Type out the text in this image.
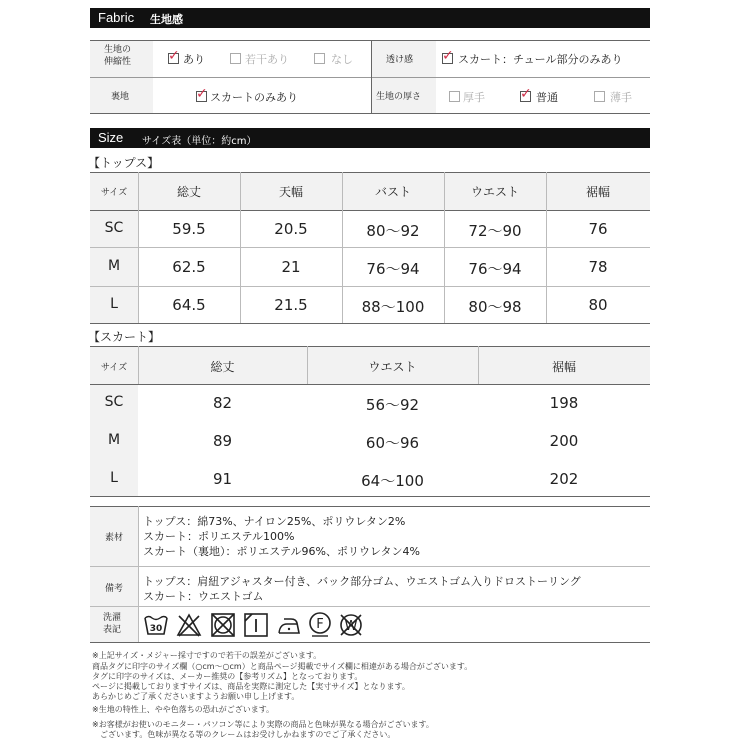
Fabric 生地感
生地の
伸縮性 ✓	あり	若干あり	なし	透け感 ✓	スカート：チュール部分のみあり
裏地 ✓	スカートのみあり	生地の厚さ	厚手 ✓	普通	薄手
Size サイズ表（単位：約cm）
【トップス】
サイズ	総丈	天幅	バスト	ウエスト	裾幅
SC	59.5	20.5	80～92	72～90	76
M	62.5	21	76～94	76～94	78
L	64.5	21.5	88～100	80～98	80
【スカート】
サイズ	総丈	ウエスト	裾幅
SC	82	56～92	198
M	89	60～96	200
L	91	64～100	202
素材
トップス：綿73%、ナイロン25%、ポリウレタン2%
スカート：ポリエステル100%
スカート（裏地）：ポリエステル96%、ポリウレタン4%
備考
トップス：肩紐アジャスター付き、バック部分ゴム、ウエストゴム入りドロストーリング
スカート：ウエストゴム
洗濯
表記	30	F W
※上記サイズ・メジャー採寸ですので若干の誤差がございます。
商品タグに印字のサイズ欄（○cm～○cm）と商品ページ掲載でサイズ欄に相違がある場合がございます。
タグに印字のサイズは、メーカー推奨の【参考リズム】となっております。
ページに掲載しておりますサイズは、商品を実際に測定した【実寸サイズ】となります。
あらかじめご了承くださいますようお願い申し上げます。
※生地の特性上、やや色落ちの恐れがございます。
※お客様がお使いのモニター・パソコン等により実際の商品と色味が異なる場合がございます。
ございます。色味が異なる等のクレームはお受けしかねますのでご了承ください。
